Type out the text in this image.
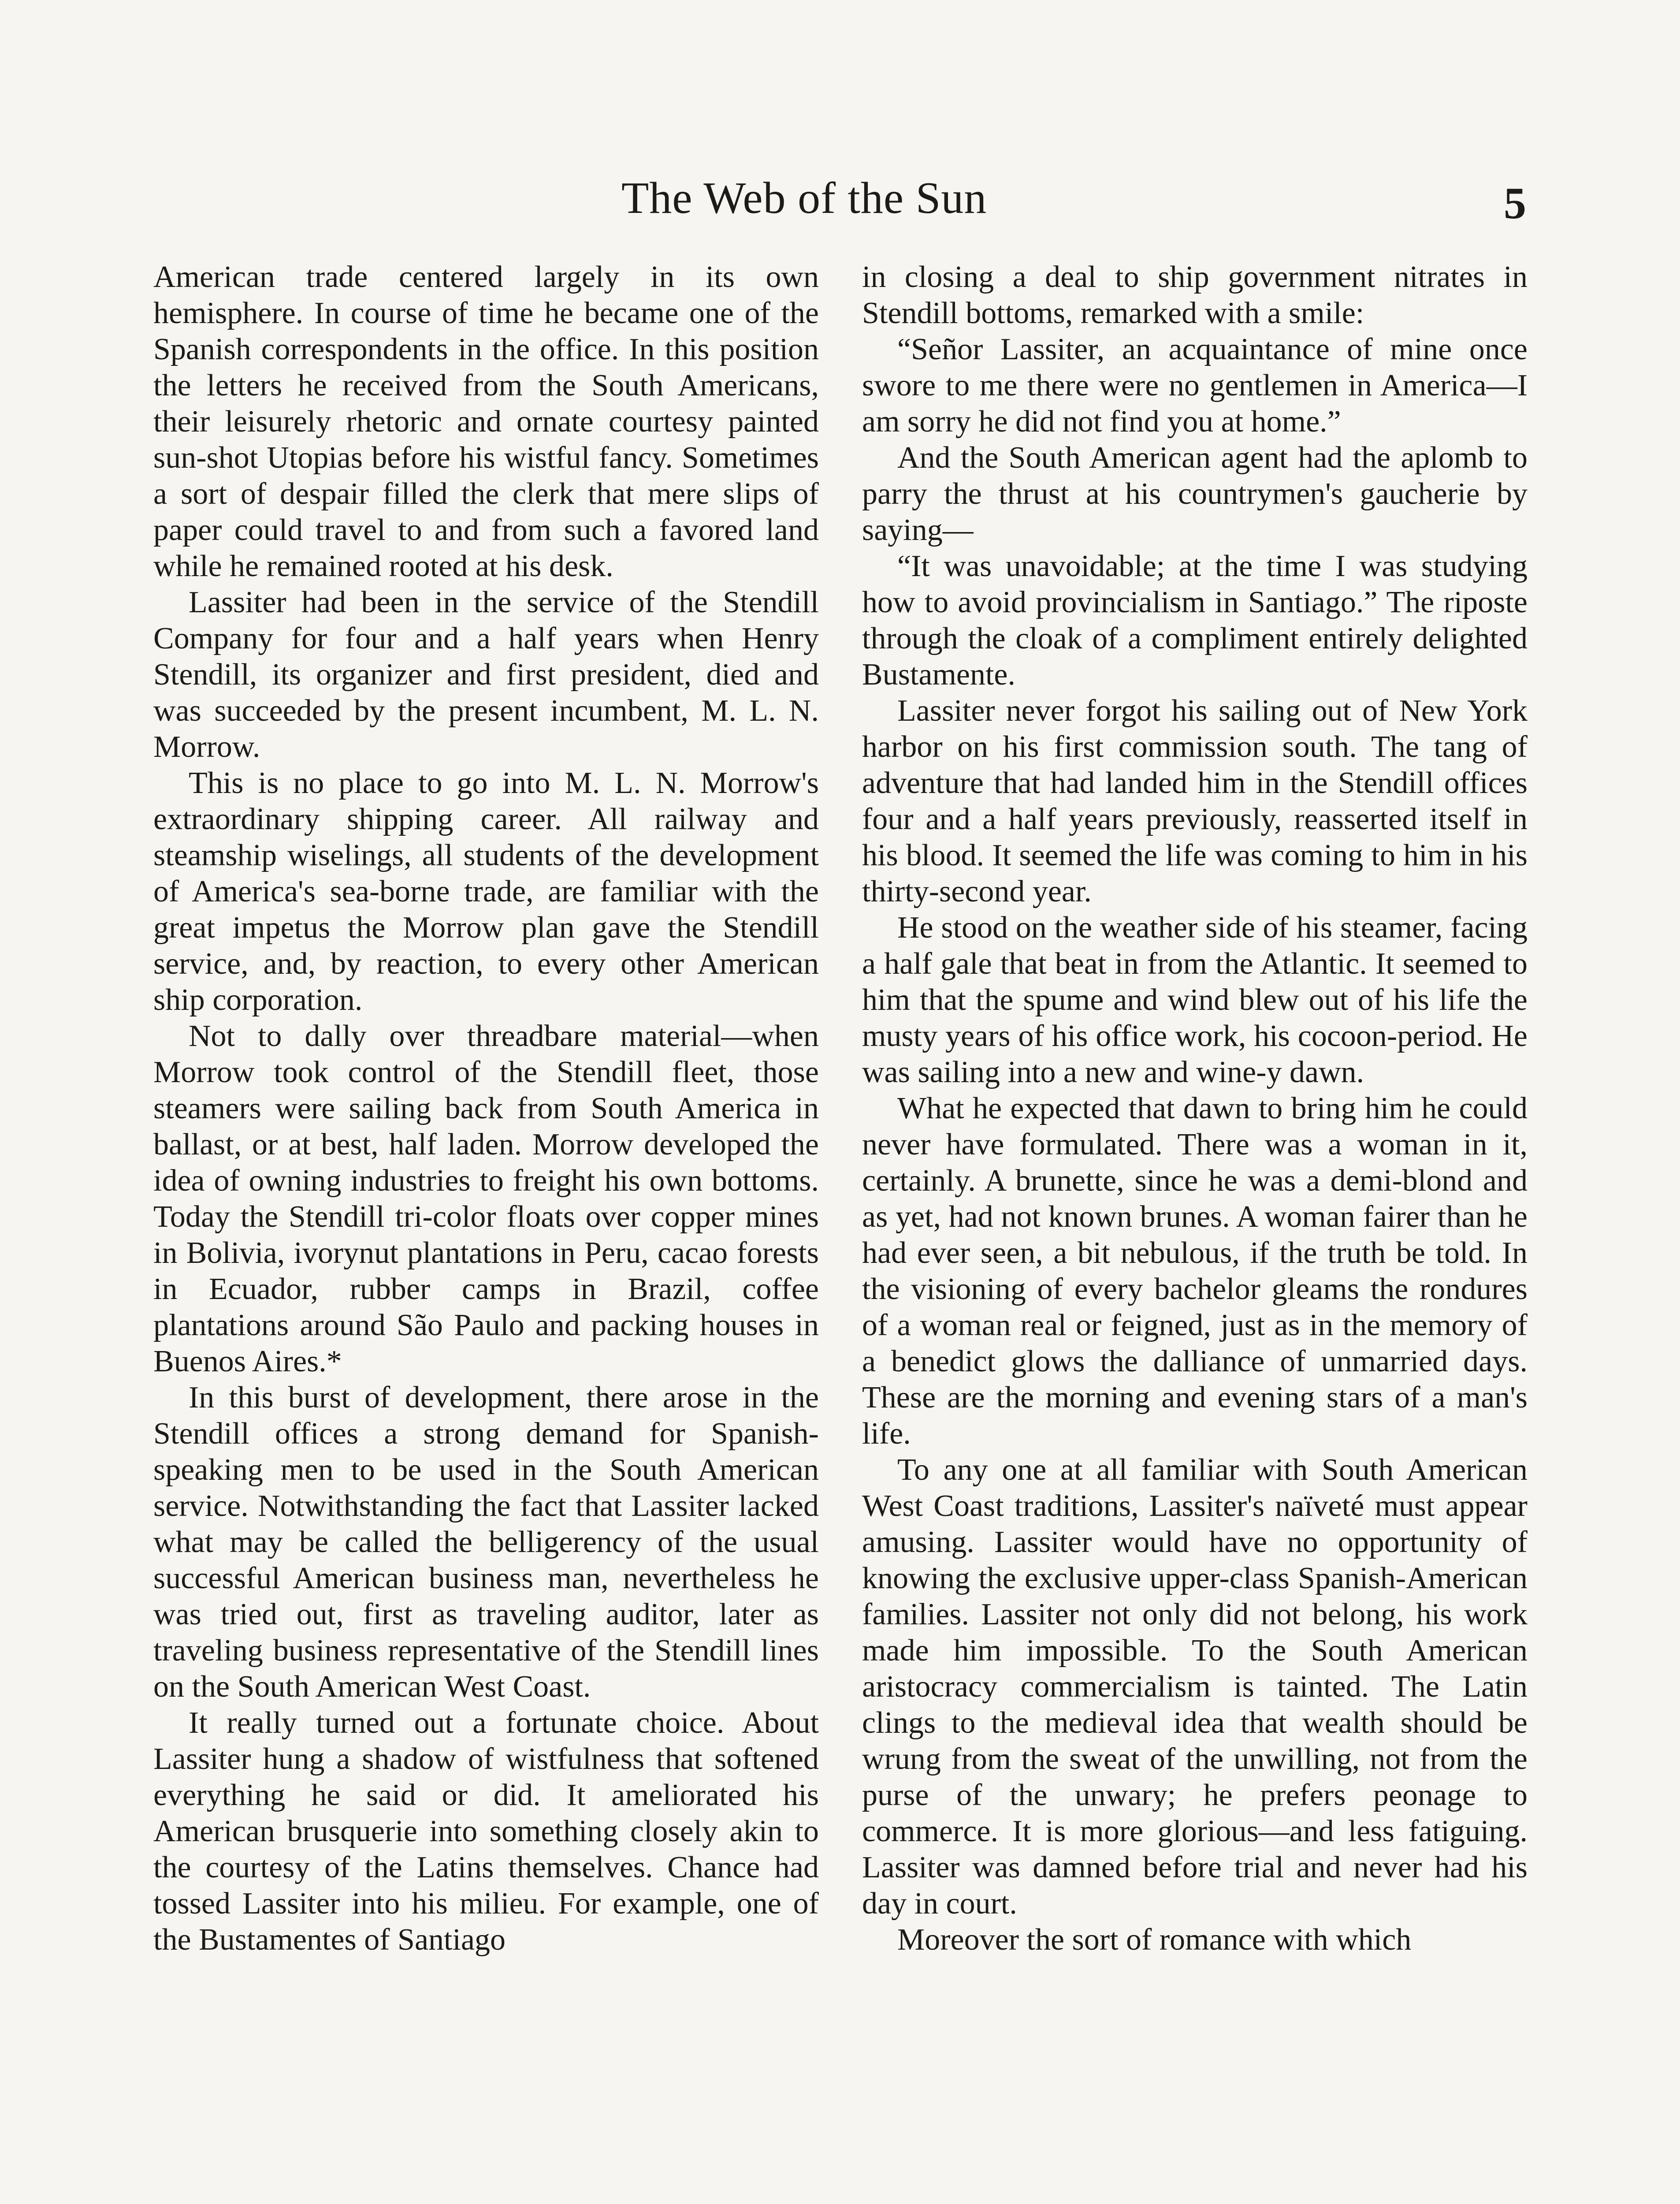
The Web of the Sun	5

American trade centered largely in its own hemisphere. In course of time he became one of the Spanish correspondents in the office. In this position the letters he received from the South Americans, their leisurely rhetoric and ornate courtesy painted sun-shot Utopias before his wistful fancy. Sometimes a sort of despair filled the clerk that mere slips of paper could travel to and from such a favored land while he remained rooted at his desk.

Lassiter had been in the service of the Stendill Company for four and a half years when Henry Stendill, its organizer and first president, died and was succeeded by the present incumbent, M. L. N. Morrow.

This is no place to go into M. L. N. Morrow's extraordinary shipping career. All railway and steamship wiselings, all students of the development of America's sea-borne trade, are familiar with the great impetus the Morrow plan gave the Stendill service, and, by reaction, to every other American ship corporation.

Not to dally over threadbare material—when Morrow took control of the Stendill fleet, those steamers were sailing back from South America in ballast, or at best, half laden. Morrow developed the idea of owning industries to freight his own bottoms. Today the Stendill tri-color floats over copper mines in Bolivia, ivorynut plantations in Peru, cacao forests in Ecuador, rubber camps in Brazil, coffee plantations around São Paulo and packing houses in Buenos Aires.*

In this burst of development, there arose in the Stendill offices a strong demand for Spanish-speaking men to be used in the South American service. Notwithstanding the fact that Lassiter lacked what may be called the belligerency of the usual successful American business man, nevertheless he was tried out, first as traveling auditor, later as traveling business representative of the Stendill lines on the South American West Coast.

It really turned out a fortunate choice. About Lassiter hung a shadow of wistfulness that softened everything he said or did. It ameliorated his American brusquerie into something closely akin to the courtesy of the Latins themselves. Chance had tossed Lassiter into his milieu. For example, one of the Bustamentes of Santiago

in closing a deal to ship government nitrates in Stendill bottoms, remarked with a smile:

“Señor Lassiter, an acquaintance of mine once swore to me there were no gentlemen in America—I am sorry he did not find you at home.”

And the South American agent had the aplomb to parry the thrust at his countrymen's gaucherie by saying—

“It was unavoidable; at the time I was studying how to avoid provincialism in Santiago.” The riposte through the cloak of a compliment entirely delighted Bustamente.

Lassiter never forgot his sailing out of New York harbor on his first commission south. The tang of adventure that had landed him in the Stendill offices four and a half years previously, reasserted itself in his blood. It seemed the life was coming to him in his thirty-second year.

He stood on the weather side of his steamer, facing a half gale that beat in from the Atlantic. It seemed to him that the spume and wind blew out of his life the musty years of his office work, his cocoon-period. He was sailing into a new and wine-y dawn.

What he expected that dawn to bring him he could never have formulated. There was a woman in it, certainly. A brunette, since he was a demi-blond and as yet, had not known brunes. A woman fairer than he had ever seen, a bit nebulous, if the truth be told. In the visioning of every bachelor gleams the rondures of a woman real or feigned, just as in the memory of a benedict glows the dalliance of unmarried days. These are the morning and evening stars of a man's life.

To any one at all familiar with South American West Coast traditions, Lassiter's naïveté must appear amusing. Lassiter would have no opportunity of knowing the exclusive upper-class Spanish-American families. Lassiter not only did not belong, his work made him impossible. To the South American aristocracy commercialism is tainted. The Latin clings to the medieval idea that wealth should be wrung from the sweat of the unwilling, not from the purse of the unwary; he prefers peonage to commerce. It is more glorious—and less fatiguing. Lassiter was damned before trial and never had his day in court.

Moreover the sort of romance with which
